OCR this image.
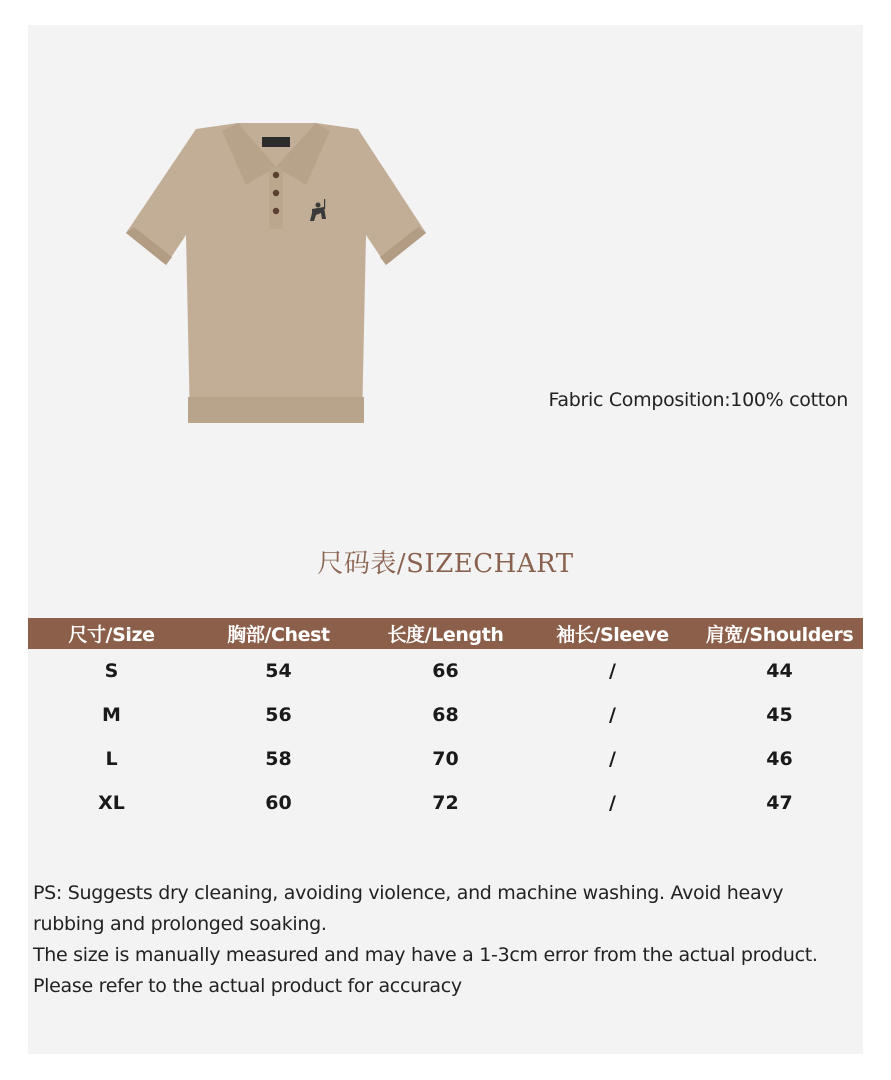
Fabric Composition:100% cotton
尺码表/SIZECHART
尺寸/Size	胸部/Chest	长度/Length	袖长/Sleeve	肩宽/Shoulders
S	54	66	/	44
M	56	68	/	45
L	58	70	/	46
XL	60	72	/	47

PS: Suggests dry cleaning, avoiding violence, and machine washing. Avoid heavy rubbing and prolonged soaking.

The size is manually measured and may have a 1-3cm error from the actual product.

Please refer to the actual product for accuracy
